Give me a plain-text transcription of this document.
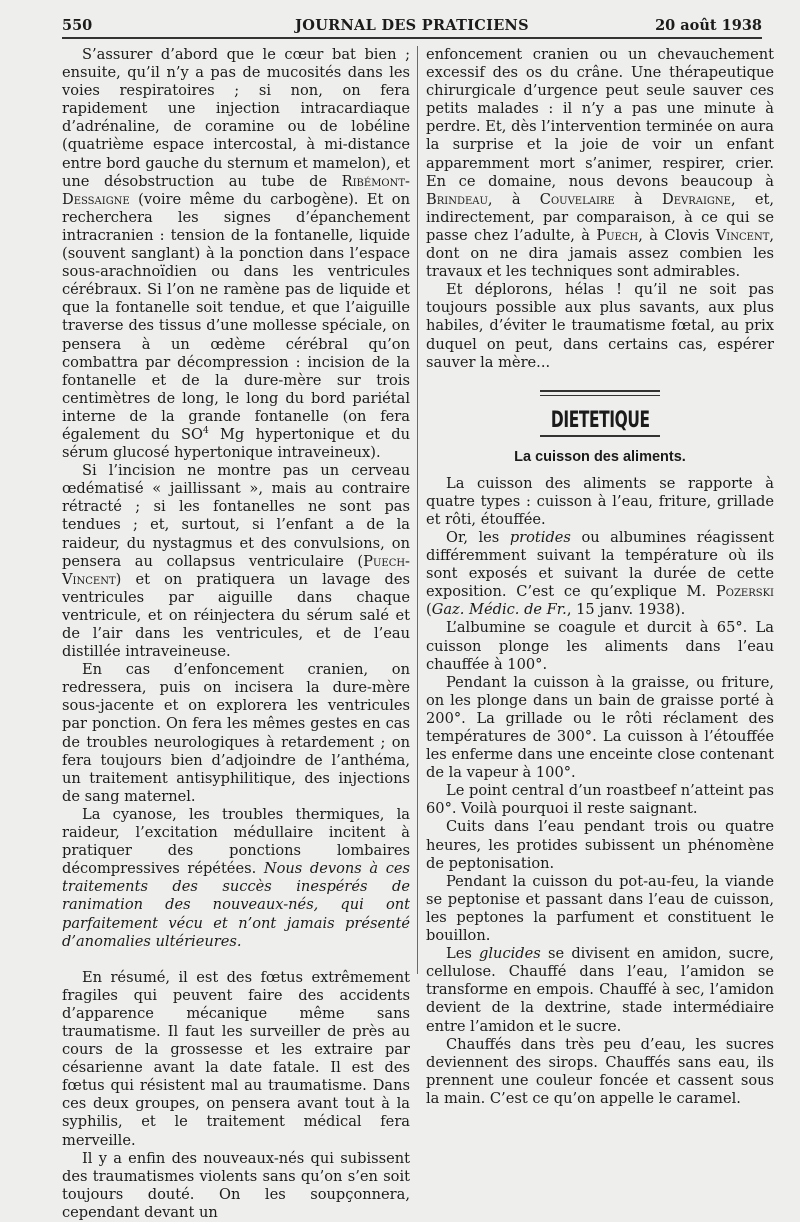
550	JOURNAL DES PRATICIENS	20 août 1938

S’assurer d’abord que le cœur bat bien ; ensuite, qu’il n’y a pas de mucosités dans les voies respiratoires ; si non, on fera rapidement une injection intracardiaque d’adrénaline, de coramine ou de lobéline (quatrième espace intercostal, à mi-distance entre bord gauche du sternum et mamelon), et une désobstruction au tube de Ribémont-Dessaigne (voire même du carbogène). Et on recherchera les signes d’épanchement intracranien : tension de la fontanelle, liquide (souvent sanglant) à la ponction dans l’espace sous-arachnoïdien ou dans les ventricules cérébraux. Si l’on ne ramène pas de liquide et que la fontanelle soit tendue, et que l’aiguille traverse des tissus d’une mollesse spéciale, on pensera à un œdème cérébral qu’on combattra par décompression : incision de la fontanelle et de la dure-mère sur trois centimètres de long, le long du bord pariétal interne de la grande fontanelle (on fera également du $SO^4$ Mg hypertonique et du sérum glucosé hypertonique intraveineux).

Si l’incision ne montre pas un cerveau œdématisé « jaillissant », mais au contraire rétracté ; si les fontanelles ne sont pas tendues ; et, surtout, si l’enfant a de la raideur, du nystagmus et des convulsions, on pensera au collapsus ventriculaire (Puech-Vincent) et on pratiquera un lavage des ventricules par aiguille dans chaque ventricule, et on réinjectera du sérum salé et de l’air dans les ventricules, et de l’eau distillée intraveineuse.

En cas d’enfoncement cranien, on redressera, puis on incisera la dure-mère sous-jacente et on explorera les ventricules par ponction. On fera les mêmes gestes en cas de troubles neurologiques à retardement ; on fera toujours bien d’adjoindre de l’anthéma, un traitement antisyphilitique, des injections de sang maternel.

La cyanose, les troubles thermiques, la raideur, l’excitation médullaire incitent à pratiquer des ponctions lombaires décompressives répétées. Nous devons à ces traitements des succès inespérés de ranimation des nouveaux-nés, qui ont parfaitement vécu et n’ont jamais présenté d’anomalies ultérieures.

En résumé, il est des fœtus extrêmement fragiles qui peuvent faire des accidents d’apparence mécanique même sans traumatisme. Il faut les surveiller de près au cours de la grossesse et les extraire par césarienne avant la date fatale. Il est des fœtus qui résistent mal au traumatisme. Dans ces deux groupes, on pensera avant tout à la syphilis, et le traitement médical fera merveille.

Il y a enfin des nouveaux-nés qui subissent des traumatismes violents sans qu’on s’en soit toujours douté. On les soupçonnera, cependant devant un

enfoncement cranien ou un chevauchement excessif des os du crâne. Une thérapeutique chirurgicale d’urgence peut seule sauver ces petits malades : il n’y a pas une minute à perdre. Et, dès l’intervention terminée on aura la surprise et la joie de voir un enfant apparemment mort s’animer, respirer, crier. En ce domaine, nous devons beaucoup à Brindeau, à Couvelaire à Devraigne, et, indirectement, par comparaison, à ce qui se passe chez l’adulte, à Puech, à Clovis Vincent, dont on ne dira jamais assez combien les travaux et les techniques sont admirables.

Et déplorons, hélas ! qu’il ne soit pas toujours possible aux plus savants, aux plus habiles, d’éviter le traumatisme fœtal, au prix duquel on peut, dans certains cas, espérer sauver la mère...

DIETETIQUE
La cuisson des aliments.

La cuisson des aliments se rapporte à quatre types : cuisson à l’eau, friture, grillade et rôti, étouffée.

Or, les protides ou albumines réagissent différemment suivant la température où ils sont exposés et suivant la durée de cette exposition. C’est ce qu’explique M. Pozerski (Gaz. Médic. de Fr., 15 janv. 1938).

L’albumine se coagule et durcit à 65°. La cuisson plonge les aliments dans l’eau chauffée à 100°.

Pendant la cuisson à la graisse, ou friture, on les plonge dans un bain de graisse porté à 200°. La grillade ou le rôti réclament des températures de 300°. La cuisson à l’étouffée les enferme dans une enceinte close contenant de la vapeur à 100°.

Le point central d’un roastbeef n’atteint pas 60°. Voilà pourquoi il reste saignant.

Cuits dans l’eau pendant trois ou quatre heures, les protides subissent un phénomène de peptonisation.

Pendant la cuisson du pot-au-feu, la viande se peptonise et passant dans l’eau de cuisson, les peptones la parfument et constituent le bouillon.

Les glucides se divisent en amidon, sucre, cellulose. Chauffé dans l’eau, l’amidon se transforme en empois. Chauffé à sec, l’amidon devient de la dextrine, stade intermédiaire entre l’amidon et le sucre.

Chauffés dans très peu d’eau, les sucres deviennent des sirops. Chauffés sans eau, ils prennent une couleur foncée et cassent sous la main. C’est ce qu’on appelle le caramel.
